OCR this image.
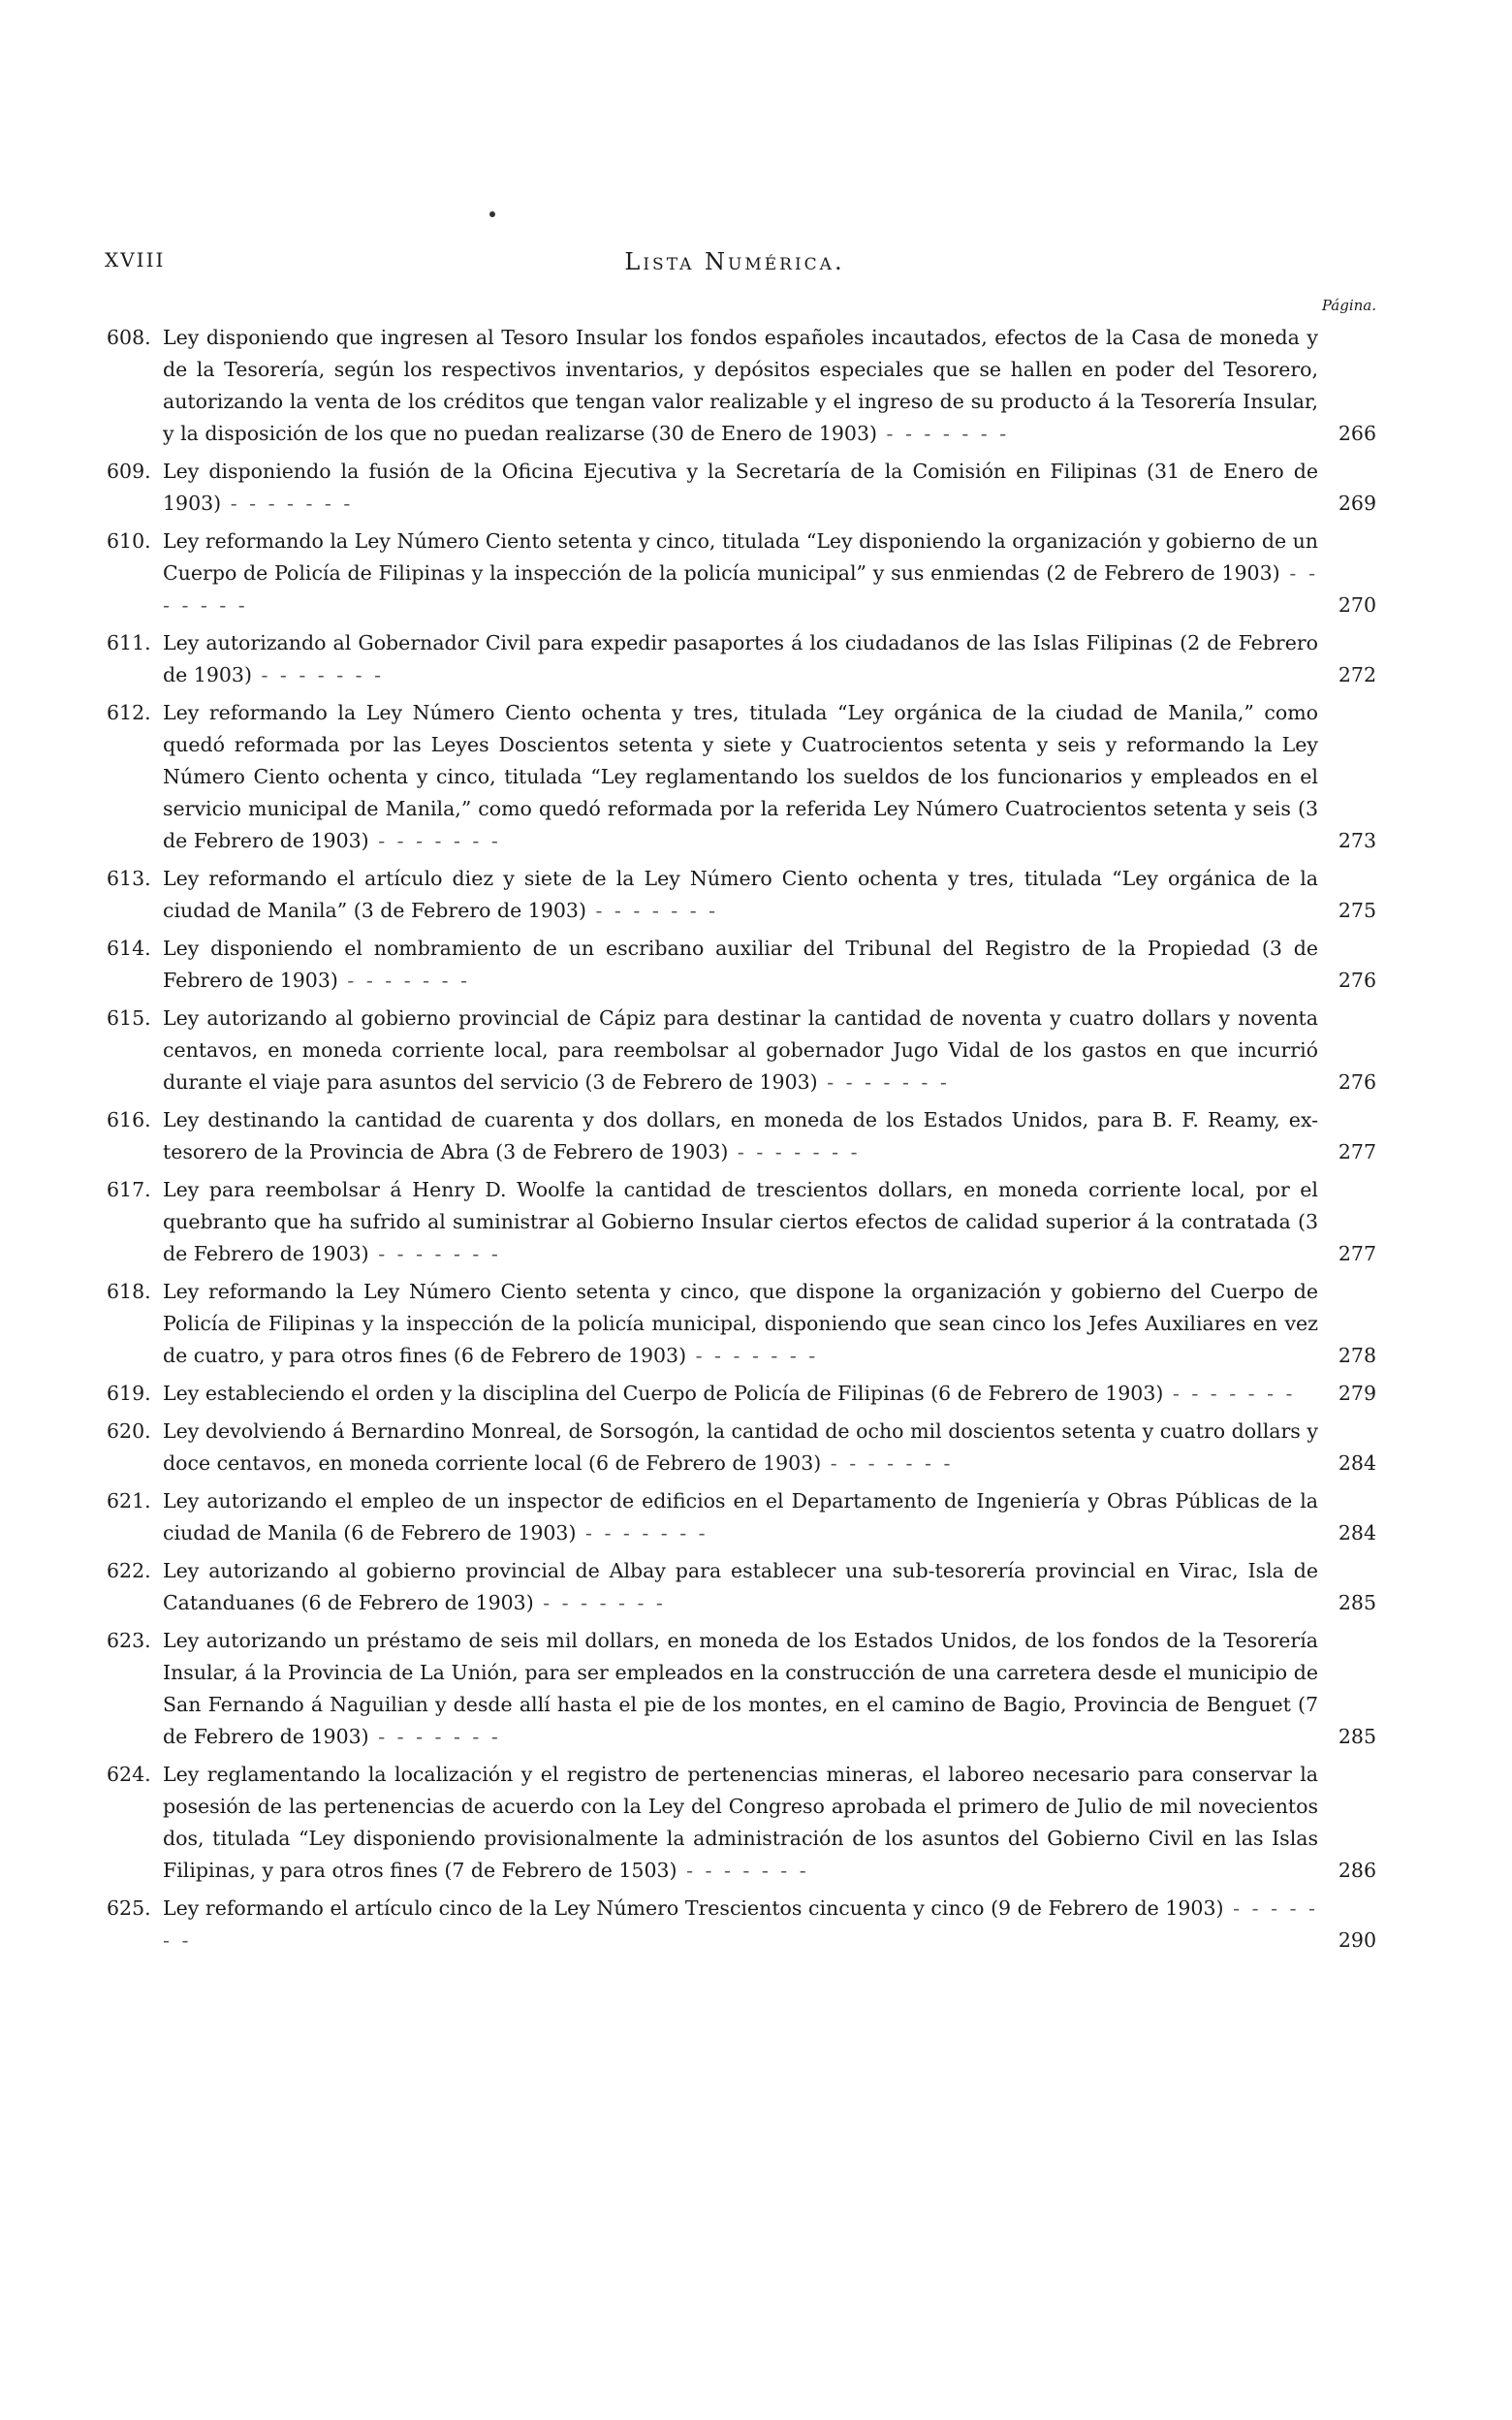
XVIII	Lista Numérica.
Página.
608. Ley disponiendo que ingresen al Tesoro Insular los fondos españoles incautados, efectos de la Casa de moneda y de la Tesorería, según los respectivos inventarios, y depósitos especiales que se hallen en poder del Tesorero, autorizando la venta de los créditos que tengan valor realizable y el ingreso de su producto á la Tesorería Insular, y la disposición de los que no puedan realizarse (30 de Enero de 1903) - - - - - - -	266
609. Ley disponiendo la fusión de la Oficina Ejecutiva y la Secretaría de la Comisión en Filipinas (31 de Enero de 1903) - - - - - - -	269
610. Ley reformando la Ley Número Ciento setenta y cinco, titulada “Ley disponiendo la organización y gobierno de un Cuerpo de Policía de Filipinas y la inspección de la policía municipal” y sus enmiendas (2 de Febrero de 1903) - - - - - - -	270
611. Ley autorizando al Gobernador Civil para expedir pasaportes á los ciudadanos de las Islas Filipinas (2 de Febrero de 1903) - - - - - - -	272
612. Ley reformando la Ley Número Ciento ochenta y tres, titulada “Ley orgánica de la ciudad de Manila,” como quedó reformada por las Leyes Doscientos setenta y siete y Cuatrocientos setenta y seis y reformando la Ley Número Ciento ochenta y cinco, titulada “Ley reglamentando los sueldos de los funcionarios y empleados en el servicio municipal de Manila,” como quedó reformada por la referida Ley Número Cuatrocientos setenta y seis (3 de Febrero de 1903) - - - - - - -	273
613. Ley reformando el artículo diez y siete de la Ley Número Ciento ochenta y tres, titulada “Ley orgánica de la ciudad de Manila” (3 de Febrero de 1903) - - - - - - -	275
614. Ley disponiendo el nombramiento de un escribano auxiliar del Tribunal del Registro de la Propiedad (3 de Febrero de 1903) - - - - - - -	276
615. Ley autorizando al gobierno provincial de Cápiz para destinar la cantidad de noventa y cuatro dollars y noventa centavos, en moneda corriente local, para reembolsar al gobernador Jugo Vidal de los gastos en que incurrió durante el viaje para asuntos del servicio (3 de Febrero de 1903) - - - - - - -	276
616. Ley destinando la cantidad de cuarenta y dos dollars, en moneda de los Estados Unidos, para B. F. Reamy, ex-tesorero de la Provincia de Abra (3 de Febrero de 1903) - - - - - - -	277
617. Ley para reembolsar á Henry D. Woolfe la cantidad de trescientos dollars, en moneda corriente local, por el quebranto que ha sufrido al suministrar al Gobierno Insular ciertos efectos de calidad superior á la contratada (3 de Febrero de 1903) - - - - - - -	277
618. Ley reformando la Ley Número Ciento setenta y cinco, que dispone la organización y gobierno del Cuerpo de Policía de Filipinas y la inspección de la policía municipal, disponiendo que sean cinco los Jefes Auxiliares en vez de cuatro, y para otros fines (6 de Febrero de 1903) - - - - - - -	278
619. Ley estableciendo el orden y la disciplina del Cuerpo de Policía de Filipinas (6 de Febrero de 1903) - - - - - - -	279
620. Ley devolviendo á Bernardino Monreal, de Sorsogón, la cantidad de ocho mil doscientos setenta y cuatro dollars y doce centavos, en moneda corriente local (6 de Febrero de 1903) - - - - - - -	284
621. Ley autorizando el empleo de un inspector de edificios en el Departamento de Ingeniería y Obras Públicas de la ciudad de Manila (6 de Febrero de 1903) - - - - - - -	284
622. Ley autorizando al gobierno provincial de Albay para establecer una sub-tesorería provincial en Virac, Isla de Catanduanes (6 de Febrero de 1903) - - - - - - -	285
623. Ley autorizando un préstamo de seis mil dollars, en moneda de los Estados Unidos, de los fondos de la Tesorería Insular, á la Provincia de La Unión, para ser empleados en la construcción de una carretera desde el municipio de San Fernando á Naguilian y desde allí hasta el pie de los montes, en el camino de Bagio, Provincia de Benguet (7 de Febrero de 1903) - - - - - - -	285
624. Ley reglamentando la localización y el registro de pertenencias mineras, el laboreo necesario para conservar la posesión de las pertenencias de acuerdo con la Ley del Congreso aprobada el primero de Julio de mil novecientos dos, titulada “Ley disponiendo provisionalmente la administración de los asuntos del Gobierno Civil en las Islas Filipinas, y para otros fines (7 de Febrero de 1503) - - - - - - -	286
625. Ley reformando el artículo cinco de la Ley Número Trescientos cincuenta y cinco (9 de Febrero de 1903) - - - - - - -	290
